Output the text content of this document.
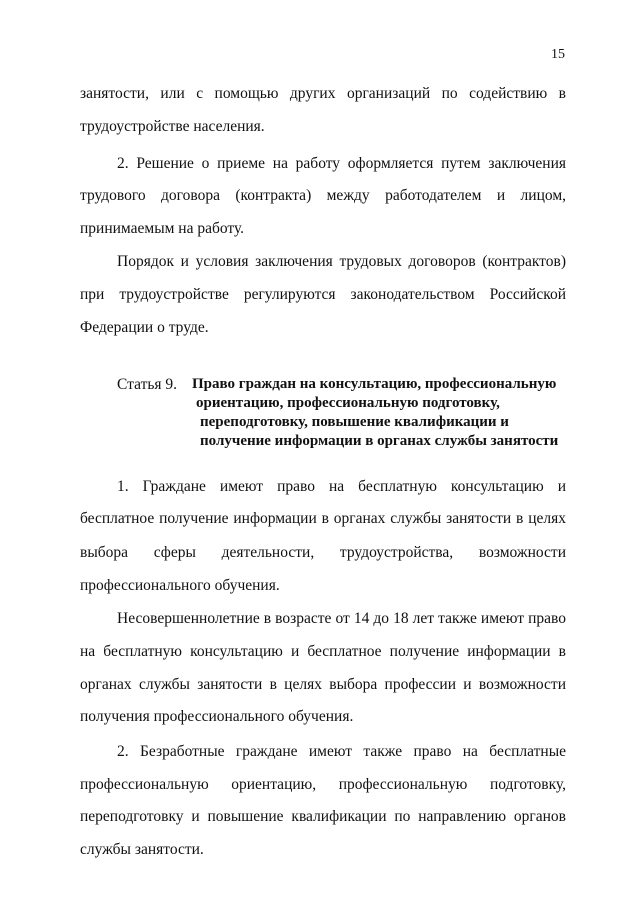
15
занятости, или с помощью других организаций по содействию в
трудоустройстве населения.
2. Решение о приеме на работу оформляется путем заключения
трудового договора (контракта) между работодателем и лицом,
принимаемым на работу.
Порядок и условия заключения трудовых договоров (контрактов)
при трудоустройстве регулируются законодательством Российской
Федерации о труде.
Статья 9. Право граждан на консультацию, профессиональную
ориентацию, профессиональную подготовку,
переподготовку, повышение квалификации и
получение информации в органах службы занятости
1. Граждане имеют право на бесплатную консультацию и
бесплатное получение информации в органах службы занятости в целях
выбора сферы деятельности, трудоустройства, возможности
профессионального обучения.
Несовершеннолетние в возрасте от 14 до 18 лет также имеют право
на бесплатную консультацию и бесплатное получение информации в
органах службы занятости в целях выбора профессии и возможности
получения профессионального обучения.
2. Безработные граждане имеют также право на бесплатные
профессиональную ориентацию, профессиональную подготовку,
переподготовку и повышение квалификации по направлению органов
службы занятости.
